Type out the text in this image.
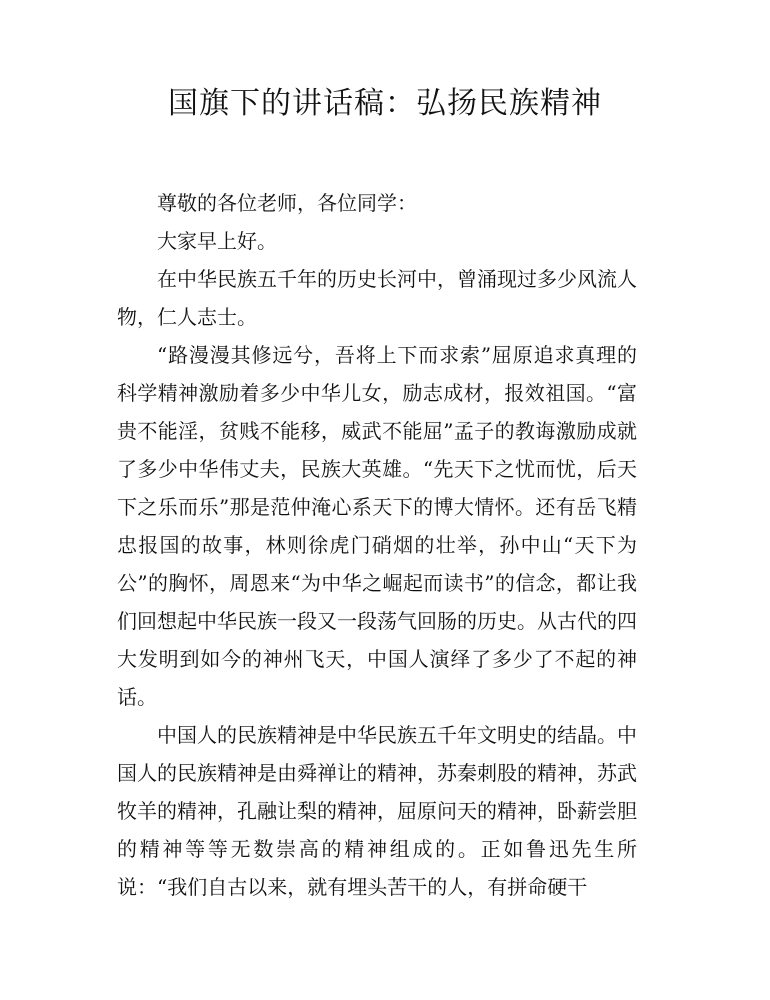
国旗下的讲话稿：弘扬民族精神

尊敬的各位老师，各位同学：

大家早上好。

在中华民族五千年的历史长河中，曾涌现过多少风流人物，仁人志士。

“路漫漫其修远兮，吾将上下而求索”屈原追求真理的科学精神激励着多少中华儿女，励志成材，报效祖国。“富贵不能淫，贫贱不能移，威武不能屈”孟子的教诲激励成就了多少中华伟丈夫，民族大英雄。“先天下之忧而忧，后天下之乐而乐”那是范仲淹心系天下的博大情怀。还有岳飞精忠报国的故事，林则徐虎门硝烟的壮举，孙中山“天下为公”的胸怀，周恩来“为中华之崛起而读书”的信念，都让我们回想起中华民族一段又一段荡气回肠的历史。从古代的四大发明到如今的神州飞天，中国人演绎了多少了不起的神话。

中国人的民族精神是中华民族五千年文明史的结晶。中国人的民族精神是由舜禅让的精神，苏秦刺股的精神，苏武牧羊的精神，孔融让梨的精神，屈原问天的精神，卧薪尝胆的精神等等无数崇高的精神组成的。正如鲁迅先生所说：“我们自古以来，就有埋头苦干的人，有拼命硬干
